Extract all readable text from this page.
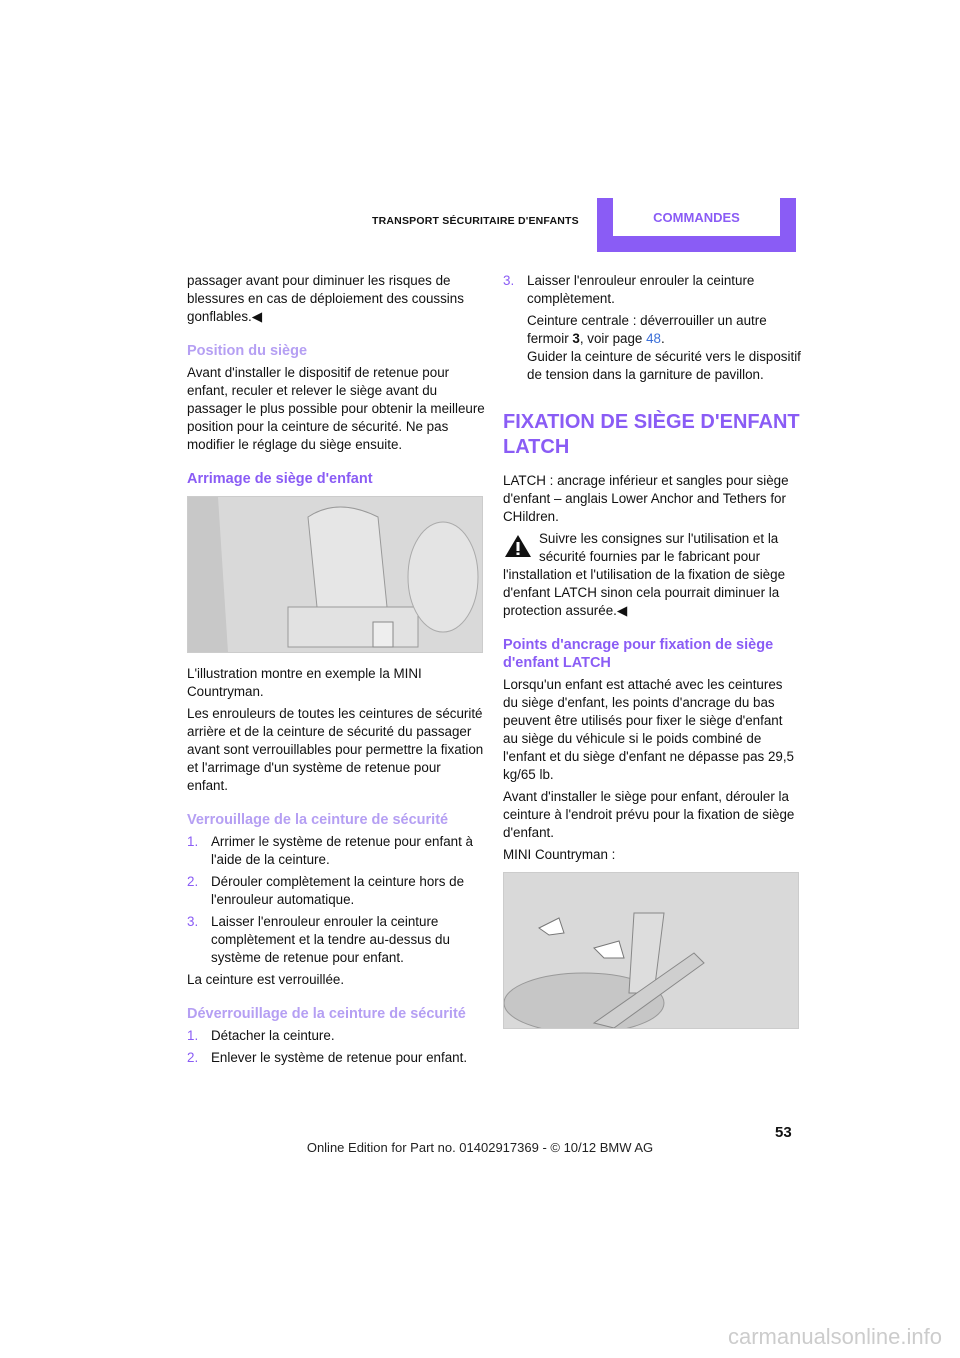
TRANSPORT SÉCURITAIRE D'ENFANTS	COMMANDES

passager avant pour diminuer les risques de blessures en cas de déploiement des coussins gonflables.◀

Position du siège

Avant d'installer le dispositif de retenue pour enfant, reculer et relever le siège avant du passager le plus possible pour obtenir la meilleure position pour la ceinture de sécurité. Ne pas modifier le réglage du siège ensuite.

Arrimage de siège d'enfant

L'illustration montre en exemple la MINI Countryman.

Les enrouleurs de toutes les ceintures de sécurité arrière et de la ceinture de sécurité du passager avant sont verrouillables pour permettre la fixation et l'arrimage d'un système de retenue pour enfant.

Verrouillage de la ceinture de sécurité
1. Arrimer le système de retenue pour enfant à l'aide de la ceinture.
2. Dérouler complètement la ceinture hors de l'enrouleur automatique.
3. Laisser l'enrouleur enrouler la ceinture complètement et la tendre au-dessus du système de retenue pour enfant.

La ceinture est verrouillée.

Déverrouillage de la ceinture de sécurité
1. Détacher la ceinture.
2. Enlever le système de retenue pour enfant.
3. Laisser l'enrouleur enrouler la ceinture complètement.

Ceinture centrale : déverrouiller un autre fermoir 3, voir page 48.
Guider la ceinture de sécurité vers le dispositif de tension dans la garniture de pavillon.

FIXATION DE SIÈGE D'ENFANT LATCH

LATCH : ancrage inférieur et sangles pour siège d'enfant – anglais Lower Anchor and Tethers for CHildren.

Suivre les consignes sur l'utilisation et la sécurité fournies par le fabricant pour l'installation et l'utilisation de la fixation de siège d'enfant LATCH sinon cela pourrait diminuer la protection assurée.◀

Points d'ancrage pour fixation de siège d'enfant LATCH

Lorsqu'un enfant est attaché avec les ceintures du siège d'enfant, les points d'ancrage du bas peuvent être utilisés pour fixer le siège d'enfant au siège du véhicule si le poids combiné de l'enfant et du siège d'enfant ne dépasse pas 29,5 kg/65 lb.

Avant d'installer le siège pour enfant, dérouler la ceinture à l'endroit prévu pour la fixation de siège d'enfant.

MINI Countryman :

53
Online Edition for Part no. 01402917369 - © 10/12 BMW AG
carmanualsonline.info
